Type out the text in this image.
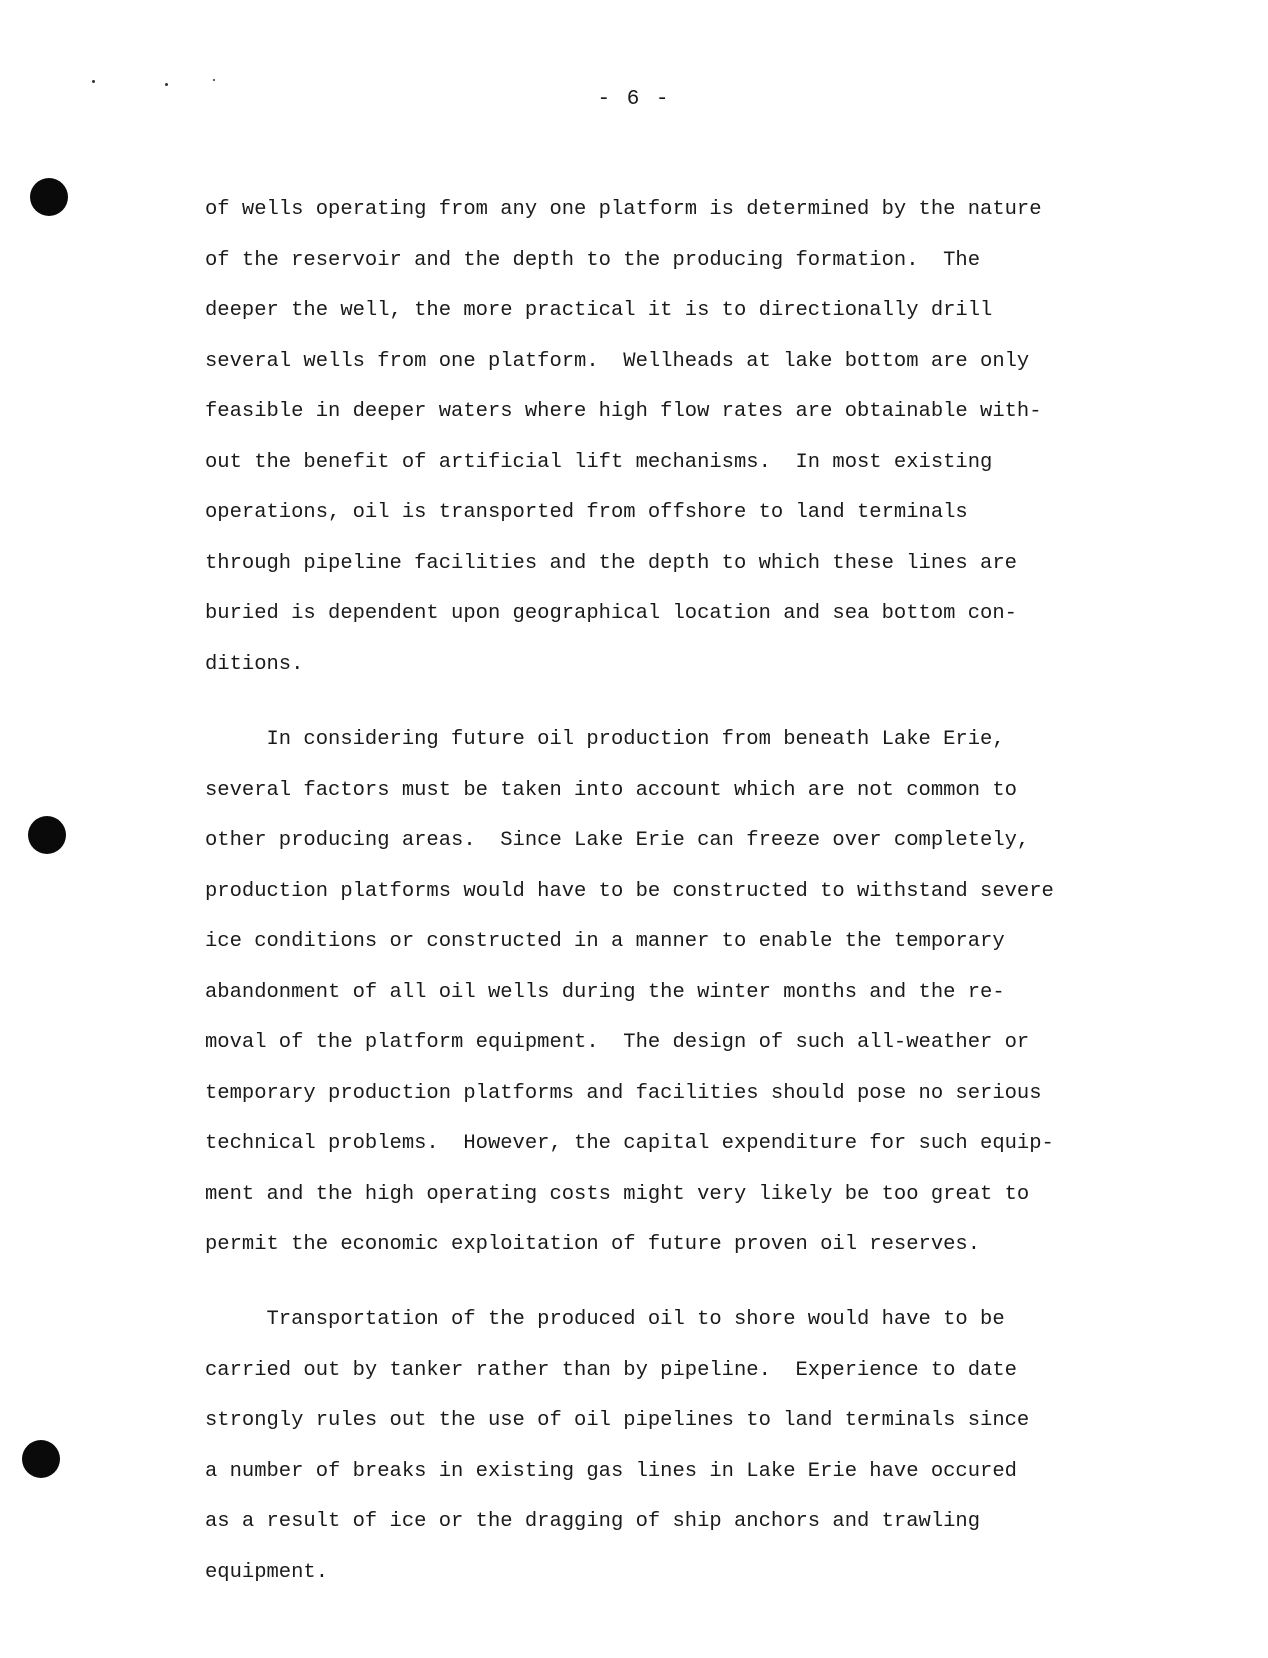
- 6 -
of wells operating from any one platform is determined by the nature
of the reservoir and the depth to the producing formation.  The
deeper the well, the more practical it is to directionally drill
several wells from one platform.  Wellheads at lake bottom are only
feasible in deeper waters where high flow rates are obtainable with-
out the benefit of artificial lift mechanisms.  In most existing
operations, oil is transported from offshore to land terminals
through pipeline facilities and the depth to which these lines are
buried is dependent upon geographical location and sea bottom con-
ditions.
In considering future oil production from beneath Lake Erie,
several factors must be taken into account which are not common to
other producing areas.  Since Lake Erie can freeze over completely,
production platforms would have to be constructed to withstand severe
ice conditions or constructed in a manner to enable the temporary
abandonment of all oil wells during the winter months and the re-
moval of the platform equipment.  The design of such all-weather or
temporary production platforms and facilities should pose no serious
technical problems.  However, the capital expenditure for such equip-
ment and the high operating costs might very likely be too great to
permit the economic exploitation of future proven oil reserves.
Transportation of the produced oil to shore would have to be
carried out by tanker rather than by pipeline.  Experience to date
strongly rules out the use of oil pipelines to land terminals since
a number of breaks in existing gas lines in Lake Erie have occured
as a result of ice or the dragging of ship anchors and trawling
equipment.
